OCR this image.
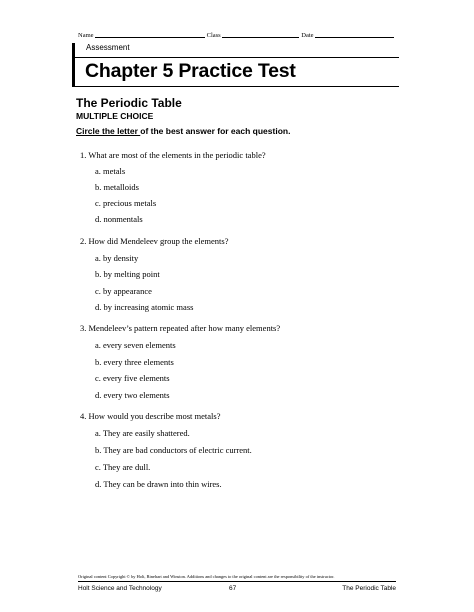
Name	Class	Date
Assessment
Chapter 5 Practice Test
The Periodic Table
MULTIPLE CHOICE
Circle the letter of the best answer for each question.
1. What are most of the elements in the periodic table?
a. metals
b. metalloids
c. precious metals
d. nonmentals
2. How did Mendeleev group the elements?
a. by density
b. by melting point
c. by appearance
d. by increasing atomic mass
3. Mendeleev’s pattern repeated after how many elements?
a. every seven elements
b. every three elements
c. every five elements
d. every two elements
4. How would you describe most metals?
a. They are easily shattered.
b. They are bad conductors of electric current.
c. They are dull.
d. They can be drawn into thin wires.
Original content Copyright © by Holt, Rinehart and Winston. Additions and changes to the original content are the responsibility of the instructor.
Holt Science and Technology	67	The Periodic Table
